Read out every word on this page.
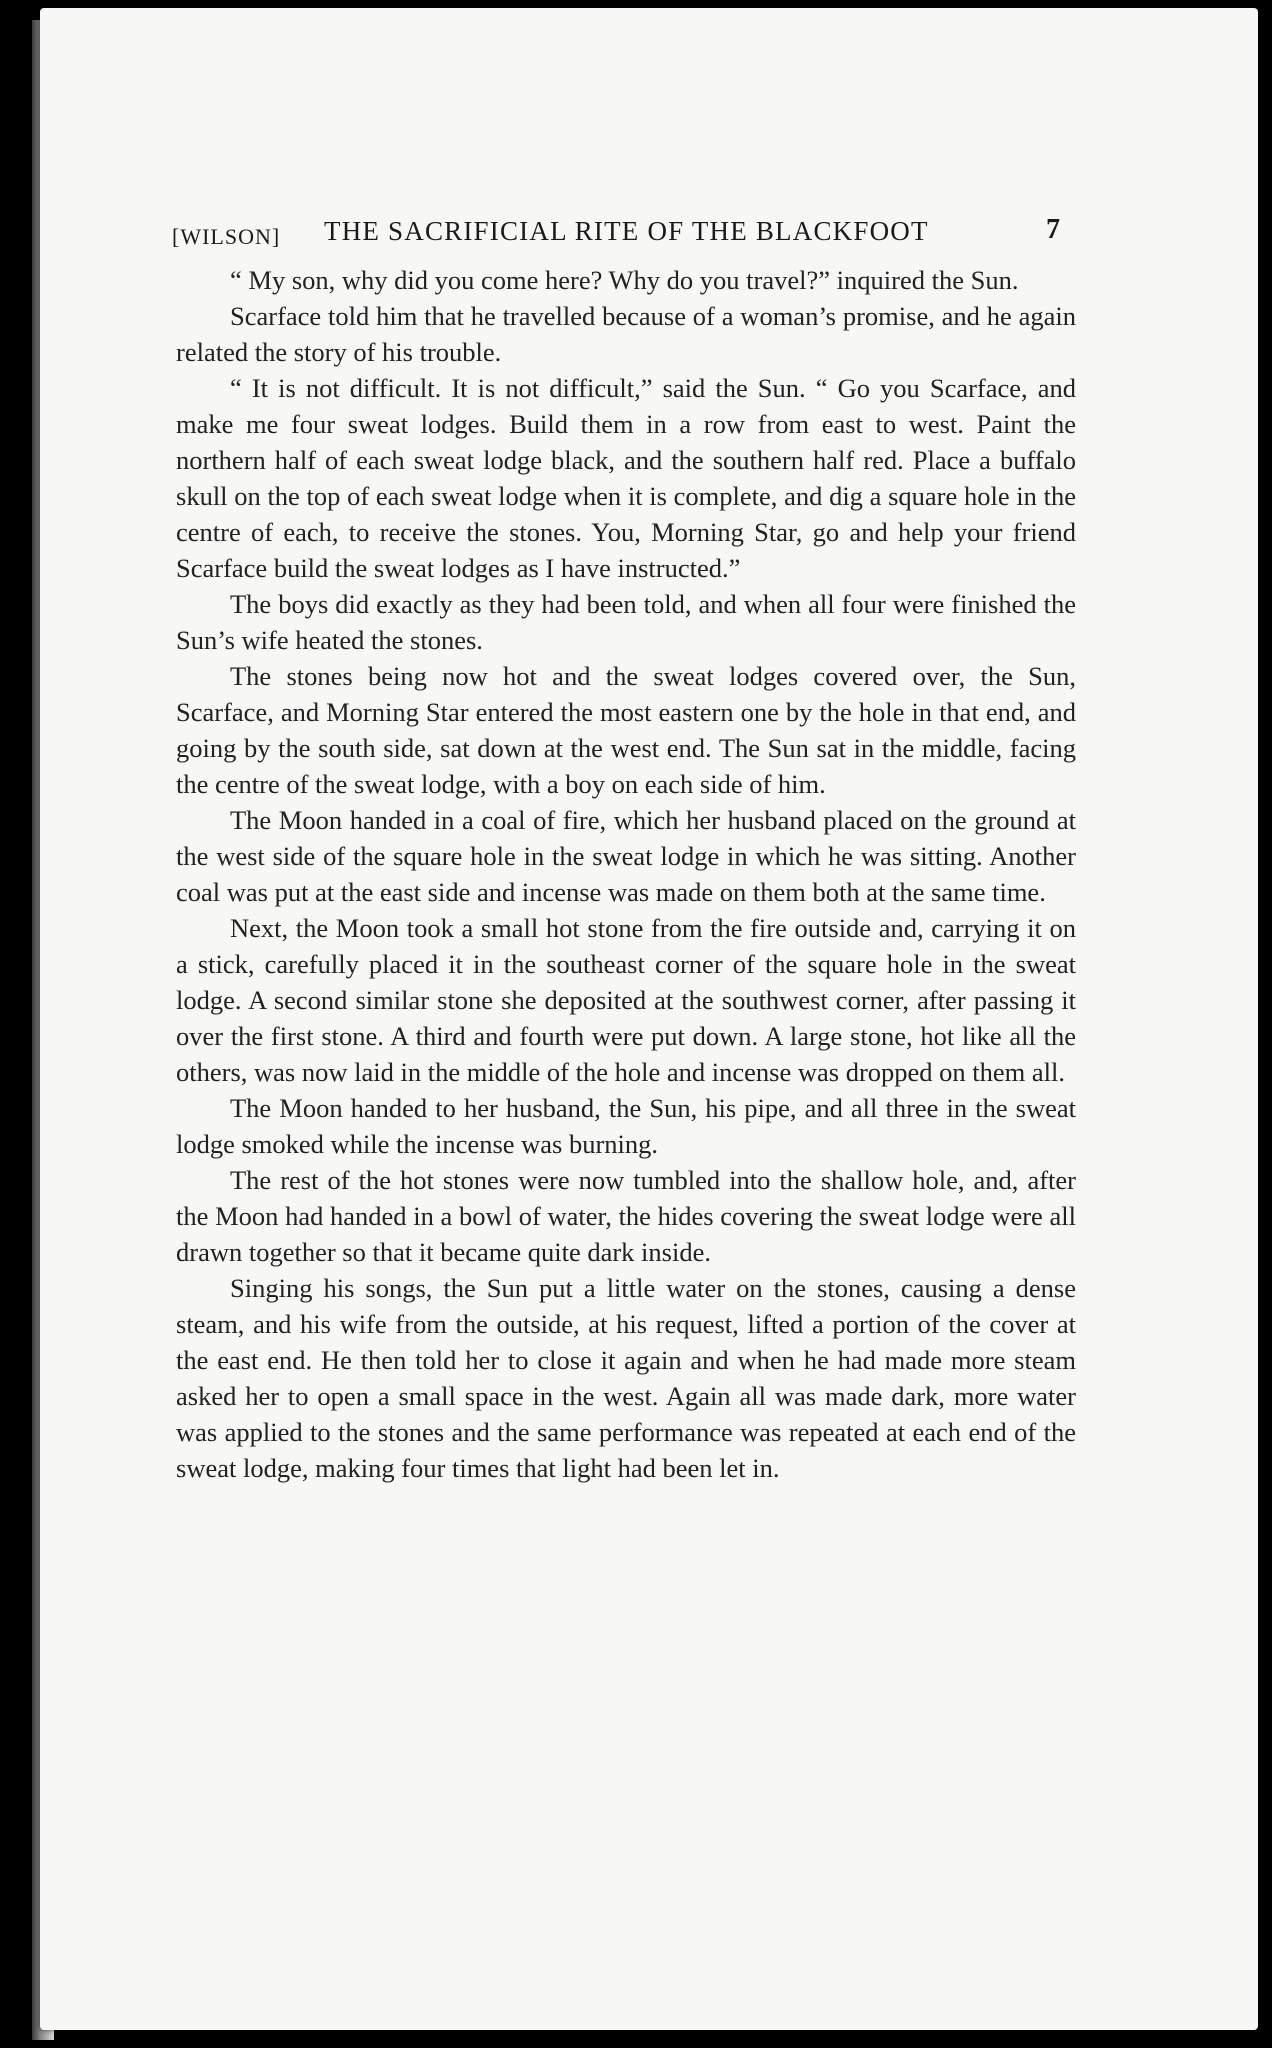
[WILSON] THE SACRIFICIAL RITE OF THE BLACKFOOT	7

“ My son, why did you come here? Why do you travel?” inquired the Sun.

Scarface told him that he travelled because of a woman’s promise, and he again related the story of his trouble.

“ It is not difficult. It is not difficult,” said the Sun. “ Go you Scarface, and make me four sweat lodges. Build them in a row from east to west. Paint the northern half of each sweat lodge black, and the southern half red. Place a buffalo skull on the top of each sweat lodge when it is complete, and dig a square hole in the centre of each, to receive the stones. You, Morning Star, go and help your friend Scarface build the sweat lodges as I have instructed.”

The boys did exactly as they had been told, and when all four were finished the Sun’s wife heated the stones.

The stones being now hot and the sweat lodges covered over, the Sun, Scarface, and Morning Star entered the most eastern one by the hole in that end, and going by the south side, sat down at the west end. The Sun sat in the middle, facing the centre of the sweat lodge, with a boy on each side of him.

The Moon handed in a coal of fire, which her husband placed on the ground at the west side of the square hole in the sweat lodge in which he was sitting. Another coal was put at the east side and incense was made on them both at the same time.

Next, the Moon took a small hot stone from the fire outside and, carrying it on a stick, carefully placed it in the southeast corner of the square hole in the sweat lodge. A second similar stone she deposited at the southwest corner, after passing it over the first stone. A third and fourth were put down. A large stone, hot like all the others, was now laid in the middle of the hole and incense was dropped on them all.

The Moon handed to her husband, the Sun, his pipe, and all three in the sweat lodge smoked while the incense was burning.

The rest of the hot stones were now tumbled into the shallow hole, and, after the Moon had handed in a bowl of water, the hides covering the sweat lodge were all drawn together so that it became quite dark inside.

Singing his songs, the Sun put a little water on the stones, causing a dense steam, and his wife from the outside, at his request, lifted a portion of the cover at the east end. He then told her to close it again and when he had made more steam asked her to open a small space in the west. Again all was made dark, more water was applied to the stones and the same performance was repeated at each end of the sweat lodge, making four times that light had been let in.
